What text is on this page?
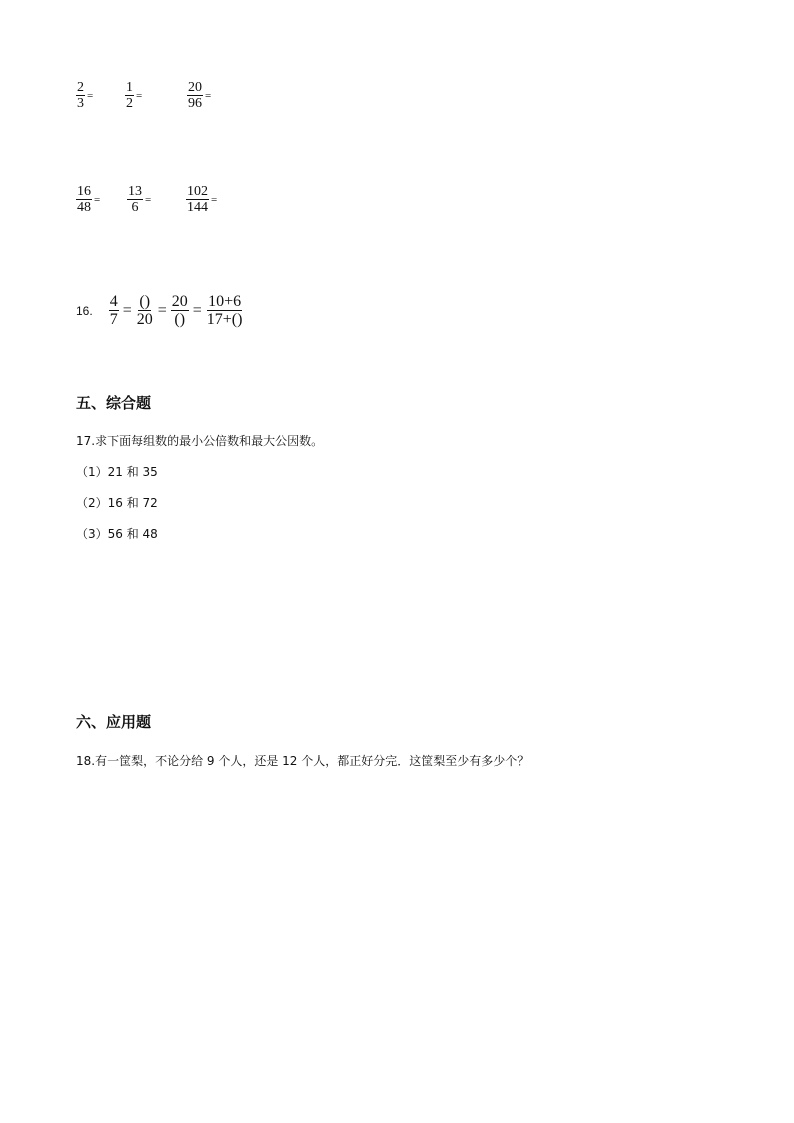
$\frac{2}{3} = \frac{1}{2}$ =	$\frac{20}{96}$ =
$\frac{16}{48} = \frac{13}{6} = \frac{102}{144}$ =
16. $\frac{4}{7} = \frac{()}{20} = \frac{20}{()} = \frac{10+6}{17+()}$
五、综合题
17.求下面每组数的最小公倍数和最大公因数。
（1）21 和 35
（2）16 和 72
（3）56 和 48
六、应用题
18.有一筐梨，不论分给 9 个人，还是 12 个人，都正好分完．这筐梨至少有多少个？
